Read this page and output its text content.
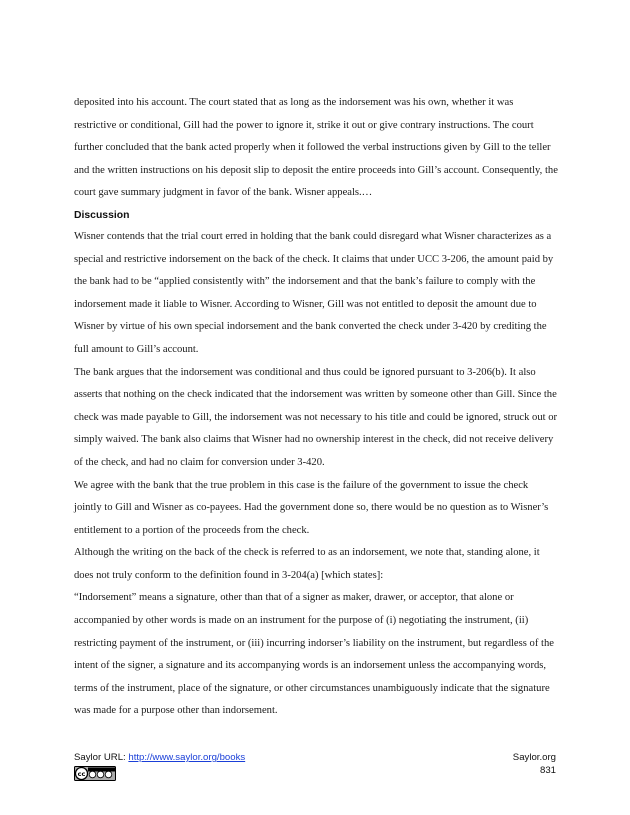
deposited into his account. The court stated that as long as the indorsement was his own, whether it was restrictive or conditional, Gill had the power to ignore it, strike it out or give contrary instructions. The court further concluded that the bank acted properly when it followed the verbal instructions given by Gill to the teller and the written instructions on his deposit slip to deposit the entire proceeds into Gill’s account. Consequently, the court gave summary judgment in favor of the bank. Wisner appeals.…

Discussion

Wisner contends that the trial court erred in holding that the bank could disregard what Wisner characterizes as a special and restrictive indorsement on the back of the check. It claims that under UCC 3-206, the amount paid by the bank had to be “applied consistently with” the indorsement and that the bank’s failure to comply with the indorsement made it liable to Wisner. According to Wisner, Gill was not entitled to deposit the amount due to Wisner by virtue of his own special indorsement and the bank converted the check under 3-420 by crediting the full amount to Gill’s account.

The bank argues that the indorsement was conditional and thus could be ignored pursuant to 3-206(b). It also asserts that nothing on the check indicated that the indorsement was written by someone other than Gill. Since the check was made payable to Gill, the indorsement was not necessary to his title and could be ignored, struck out or simply waived. The bank also claims that Wisner had no ownership interest in the check, did not receive delivery of the check, and had no claim for conversion under 3-420.

We agree with the bank that the true problem in this case is the failure of the government to issue the check jointly to Gill and Wisner as co-payees. Had the government done so, there would be no question as to Wisner’s entitlement to a portion of the proceeds from the check.

Although the writing on the back of the check is referred to as an indorsement, we note that, standing alone, it does not truly conform to the definition found in 3-204(a) [which states]:

“Indorsement” means a signature, other than that of a signer as maker, drawer, or acceptor, that alone or accompanied by other words is made on an instrument for the purpose of (i) negotiating the instrument, (ii) restricting payment of the instrument, or (iii) incurring indorser’s liability on the instrument, but regardless of the intent of the signer, a signature and its accompanying words is an indorsement unless the accompanying words, terms of the instrument, place of the signature, or other circumstances unambiguously indicate that the signature was made for a purpose other than indorsement.

Saylor URL: http://www.saylor.org/books
cc
Saylor.org
831
